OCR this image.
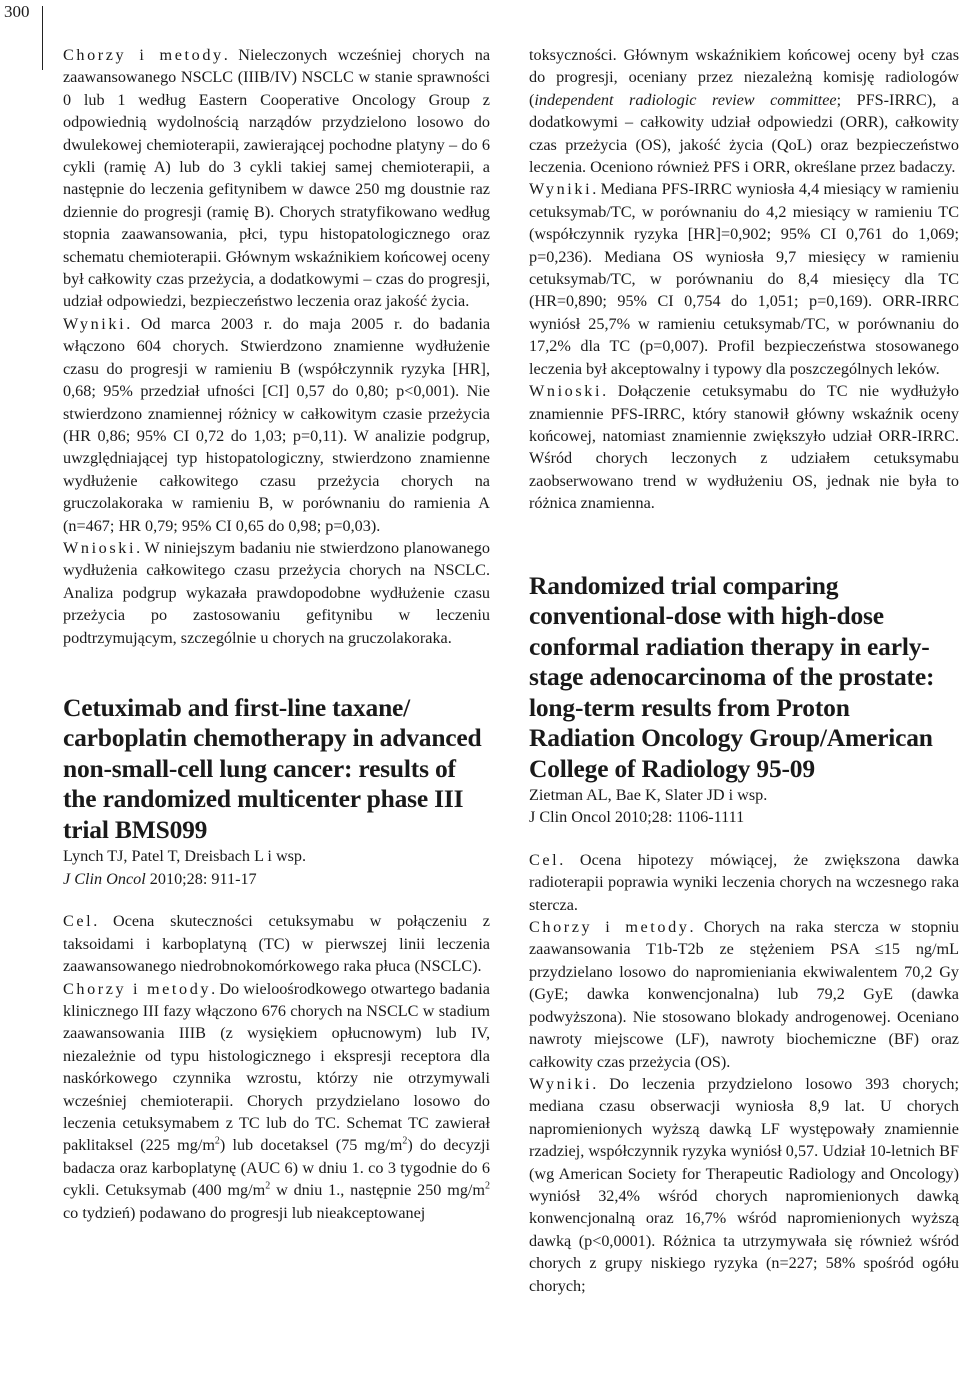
300

Chorzy i metody . Nieleczonych wcześniej chorych na zaawansowanego NSCLC (IIIB/IV) NSCLC w stanie sprawności 0 lub 1 według Eastern Cooperative Oncology Group z odpowiednią wydolnością narządów przydzielono losowo do dwulekowej chemioterapii, zawierającej pochodne platyny – do 6 cykli (ramię A) lub do 3 cykli takiej samej chemioterapii, a następnie do leczenia gefitynibem w dawce 250 mg doustnie raz dziennie do progresji (ramię B). Chorych stratyfikowano według stopnia zaawansowania, płci, typu histopatologicznego oraz schematu chemioterapii. Głównym wskaźnikiem końcowej oceny był całkowity czas przeżycia, a dodatkowymi – czas do progresji, udział odpowiedzi, bezpieczeństwo leczenia oraz jakość życia.

Wyniki . Od marca 2003 r. do maja 2005 r. do badania włączono 604 chorych. Stwierdzono znamienne wydłużenie czasu do progresji w ramieniu B (współczynnik ryzyka [HR], 0,68; 95% przedział ufności [CI] 0,57 do 0,80; p<0,001). Nie stwierdzono znamiennej różnicy w całkowitym czasie przeżycia (HR 0,86; 95% CI 0,72 do 1,03; p=0,11). W analizie podgrup, uwzględniającej typ histopatologiczny, stwierdzono znamienne wydłużenie całkowitego czasu przeżycia chorych na gruczolakoraka w ramieniu B, w porównaniu do ramienia A (n=467; HR 0,79; 95% CI 0,65 do 0,98; p=0,03).

Wnioski . W niniejszym badaniu nie stwierdzono planowanego wydłużenia całkowitego czasu przeżycia chorych na NSCLC. Analiza podgrup wykazała prawdopodobne wydłużenie czasu przeżycia po zastosowaniu gefitynibu w leczeniu podtrzymującym, szczególnie u chorych na gruczolakoraka.

Cetuximab and first-line taxane/ carboplatin chemotherapy in advanced non-small-cell lung cancer: results of the randomized multicenter phase III trial BMS099

Lynch TJ, Patel T, Dreisbach L i wsp.

J Clin Oncol 2010;28: 911-17

Cel . Ocena skuteczności cetuksymabu w połączeniu z taksoidami i karboplatyną (TC) w pierwszej linii leczenia zaawansowanego niedrobnokomórkowego raka płuca (NSCLC).

Chorzy i metody . Do wieloośrodkowego otwartego badania klinicznego III fazy włączono 676 chorych na NSCLC w stadium zaawansowania IIIB (z wysiękiem opłucnowym) lub IV, niezależnie od typu histologicznego i ekspresji receptora dla naskórkowego czynnika wzrostu, którzy nie otrzymywali wcześniej chemioterapii. Chorych przydzielano losowo do leczenia cetuksymabem z TC lub do TC. Schemat TC zawierał paklitaksel (225 $mg/m^2$) lub docetaksel (75 $mg/m^2$) do decyzji badacza oraz karboplatynę (AUC 6) w dniu 1. co 3 tygodnie do 6 cykli. Cetuksymab (400 $mg/m^2$ w dniu 1., następnie 250 $mg/m^2$ co tydzień) podawano do progresji lub nieakceptowanej

toksyczności. Głównym wskaźnikiem końcowej oceny był czas do progresji, oceniany przez niezależną komisję radiologów (independent radiologic review committee; PFS-IRRC), a dodatkowymi – całkowity udział odpowiedzi (ORR), całkowity czas przeżycia (OS), jakość życia (QoL) oraz bezpieczeństwo leczenia. Oceniono również PFS i ORR, określane przez badaczy.

Wyniki . Mediana PFS-IRRC wyniosła 4,4 miesiący w ramieniu cetuksymab/TC, w porównaniu do 4,2 miesiący w ramieniu TC (współczynnik ryzyka [HR]=0,902; 95% CI 0,761 do 1,069; p=0,236). Mediana OS wyniosła 9,7 miesięcy w ramieniu cetuksymab/TC, w porównaniu do 8,4 miesięcy dla TC (HR=0,890; 95% CI 0,754 do 1,051; p=0,169). ORR-IRRC wyniósł 25,7% w ramieniu cetuksymab/TC, w porównaniu do 17,2% dla TC (p=0,007). Profil bezpieczeństwa stosowanego leczenia był akceptowalny i typowy dla poszczególnych leków.

Wnioski . Dołączenie cetuksymabu do TC nie wydłużyło znamiennie PFS-IRRC, który stanowił główny wskaźnik oceny końcowej, natomiast znamiennie zwiększyło udział ORR-IRRC. Wśród chorych leczonych z udziałem cetuksymabu zaobserwowano trend w wydłużeniu OS, jednak nie była to różnica znamienna.

Randomized trial comparing conventional-dose with high-dose conformal radiation therapy in early-stage adenocarcinoma of the prostate: long-term results from Proton Radiation Oncology Group/American College of Radiology 95-09

Zietman AL, Bae K, Slater JD i wsp.

J Clin Oncol 2010;28: 1106-1111

Cel . Ocena hipotezy mówiącej, że zwiększona dawka radioterapii poprawia wyniki leczenia chorych na wczesnego raka stercza.

Chorzy i metody . Chorych na raka stercza w stopniu zaawansowania T1b-T2b ze stężeniem PSA ≤15 ng/mL przydzielano losowo do napromieniania ekwiwalentem 70,2 Gy (GyE; dawka konwencjonalna) lub 79,2 GyE (dawka podwyższona). Nie stosowano blokady androgenowej. Oceniano nawroty miejscowe (LF), nawroty biochemiczne (BF) oraz całkowity czas przeżycia (OS).

Wyniki . Do leczenia przydzielono losowo 393 chorych; mediana czasu obserwacji wyniosła 8,9 lat. U chorych napromienionych wyższą dawką LF występowały znamiennie rzadziej, współczynnik ryzyka wyniósł 0,57. Udział 10-letnich BF (wg American Society for Therapeutic Radiology and Oncology) wyniósł 32,4% wśród chorych napromienionych dawką konwencjonalną oraz 16,7% wśród napromienionych wyższą dawką (p<0,0001). Różnica ta utrzymywała się również wśród chorych z grupy niskiego ryzyka (n=227; 58% spośród ogółu chorych;
